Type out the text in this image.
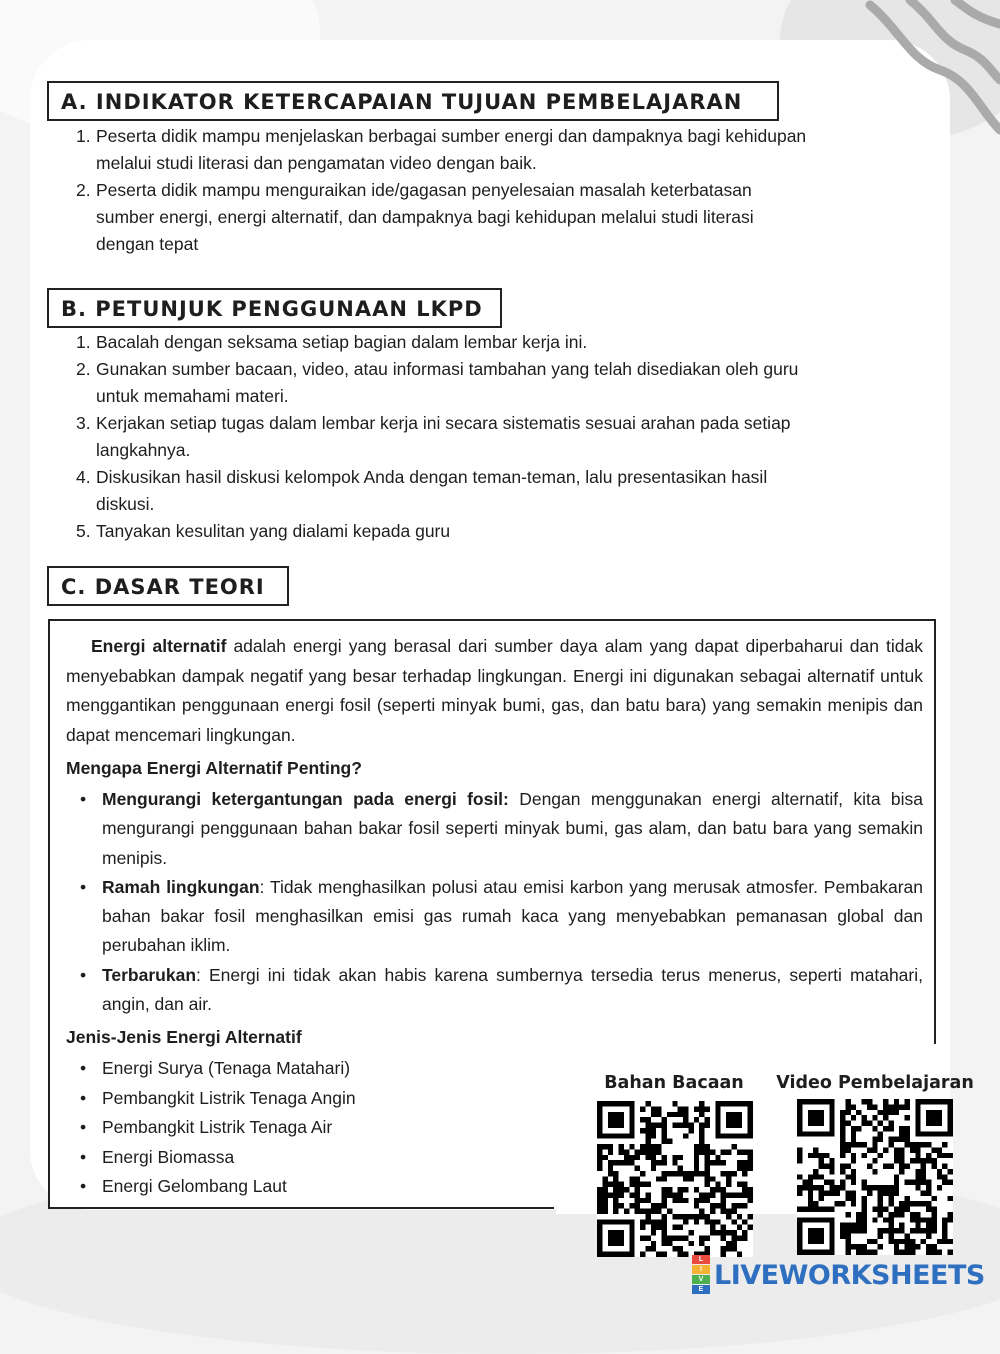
A. INDIKATOR KETERCAPAIAN TUJUAN PEMBELAJARAN
1. Peserta didik mampu menjelaskan berbagai sumber energi dan dampaknya bagi kehidupan
melalui studi literasi dan pengamatan video dengan baik.
2. Peserta didik mampu menguraikan ide/gagasan penyelesaian masalah keterbatasan
sumber energi, energi alternatif, dan dampaknya bagi kehidupan melalui studi literasi
dengan tepat
B. PETUNJUK PENGGUNAAN LKPD
1. Bacalah dengan seksama setiap bagian dalam lembar kerja ini.
2. Gunakan sumber bacaan, video, atau informasi tambahan yang telah disediakan oleh guru
untuk memahami materi.
3. Kerjakan setiap tugas dalam lembar kerja ini secara sistematis sesuai arahan pada setiap
langkahnya.
4. Diskusikan hasil diskusi kelompok Anda dengan teman-teman, lalu presentasikan hasil
diskusi.
5. Tanyakan kesulitan yang dialami kepada guru
C. DASAR TEORI
Energi alternatif adalah energi yang berasal dari sumber daya alam yang dapat diperbaharui dan tidak menyebabkan dampak negatif yang besar terhadap lingkungan. Energi ini digunakan sebagai alternatif untuk menggantikan penggunaan energi fosil (seperti minyak bumi, gas, dan batu bara) yang semakin menipis dan dapat mencemari lingkungan.
Mengapa Energi Alternatif Penting?
• Mengurangi ketergantungan pada energi fosil: Dengan menggunakan energi alternatif, kita bisa mengurangi penggunaan bahan bakar fosil seperti minyak bumi, gas alam, dan batu bara yang semakin menipis.
• Ramah lingkungan: Tidak menghasilkan polusi atau emisi karbon yang merusak atmosfer. Pembakaran bahan bakar fosil menghasilkan emisi gas rumah kaca yang menyebabkan pemanasan global dan perubahan iklim.
• Terbarukan: Energi ini tidak akan habis karena sumbernya tersedia terus menerus, seperti matahari, angin, dan air.
Jenis-Jenis Energi Alternatif
• Energi Surya (Tenaga Matahari)
• Pembangkit Listrik Tenaga Angin
• Pembangkit Listrik Tenaga Air
• Energi Biomassa
• Energi Gelombang Laut
Bahan Bacaan	Video Pembelajaran
L
I
V
E LIVEWORKSHEETS
